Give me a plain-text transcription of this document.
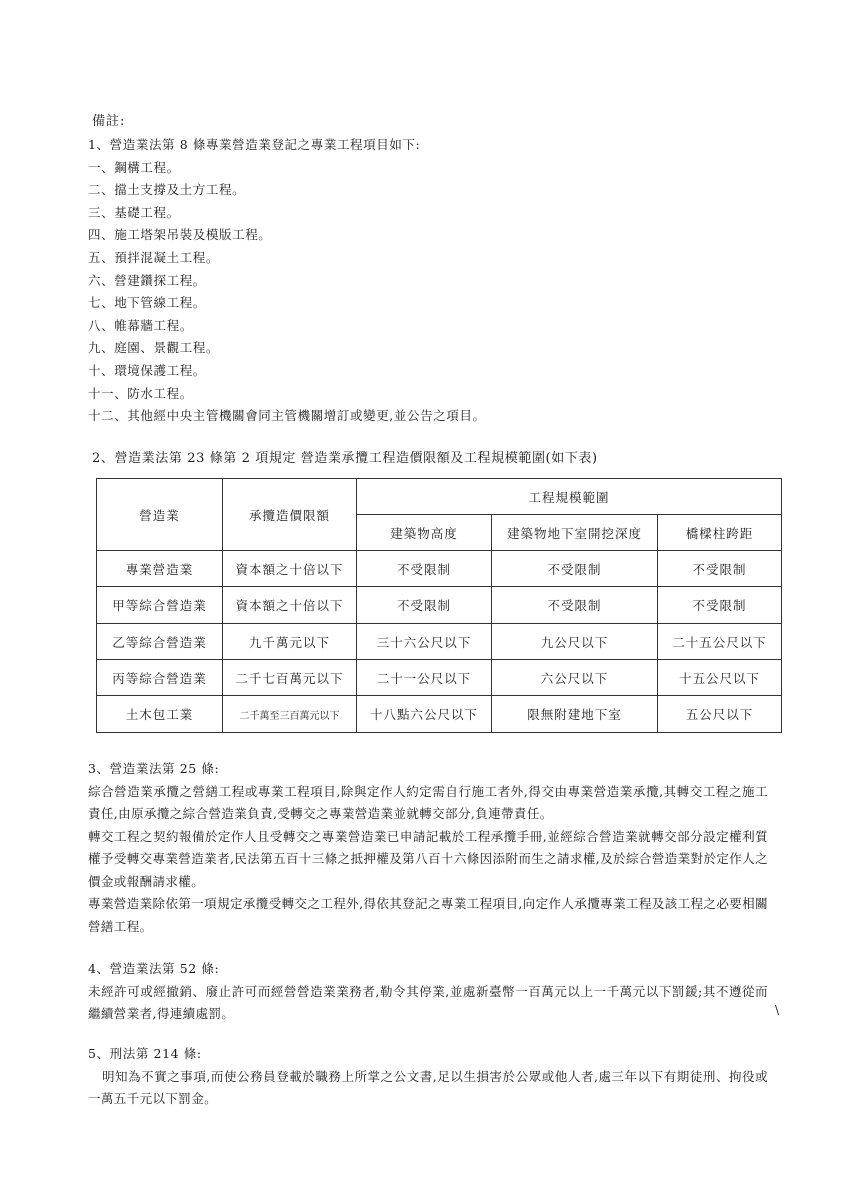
備註:
1、營造業法第 8 條專業營造業登記之專業工程項目如下:
一、鋼構工程。
二、擋土支撐及土方工程。
三、基礎工程。
四、施工塔架吊裝及模版工程。
五、預拌混凝土工程。
六、營建鑽探工程。
七、地下管線工程。
八、帷幕牆工程。
九、庭園、景觀工程。
十、環境保護工程。
十一、防水工程。
十二、其他經中央主管機關會同主管機關增訂或變更,並公告之項目。
2、營造業法第 23 條第 2 項規定 營造業承攬工程造價限額及工程規模範圍(如下表)
營造業	承攬造價限額	工程規模範圍		
		建築物高度	建築物地下室開挖深度	橋樑柱跨距
專業營造業	資本額之十倍以下	不受限制	不受限制	不受限制
甲等綜合營造業	資本額之十倍以下	不受限制	不受限制	不受限制
乙等綜合營造業	九千萬元以下	三十六公尺以下	九公尺以下	二十五公尺以下
丙等綜合營造業	二千七百萬元以下	二十一公尺以下	六公尺以下	十五公尺以下
土木包工業	二千萬至三百萬元以下	十八點六公尺以下	限無附建地下室	五公尺以下
3、營造業法第 25 條:

綜合營造業承攬之營繕工程或專業工程項目,除與定作人約定需自行施工者外,得交由專業營造業承攬,其轉交工程之施工責任,由原承攬之綜合營造業負責,受轉交之專業營造業並就轉交部分,負連帶責任。

轉交工程之契約報備於定作人且受轉交之專業營造業已申請記載於工程承攬手冊,並經綜合營造業就轉交部分設定權利質權予受轉交專業營造業者,民法第五百十三條之抵押權及第八百十六條因添附而生之請求權,及於綜合營造業對於定作人之價金或報酬請求權。

專業營造業除依第一項規定承攬受轉交之工程外,得依其登記之專業工程項目,向定作人承攬專業工程及該工程之必要相關營繕工程。

4、營造業法第 52 條:

未經許可或經撤銷、廢止許可而經營營造業業務者,勒令其停業,並處新臺幣一百萬元以上一千萬元以下罰鍰;其不遵從而繼續營業者,得連續處罰。

5、刑法第 214 條:

明知為不實之事項,而使公務員登載於職務上所掌之公文書,足以生損害於公眾或他人者,處三年以下有期徒刑、拘役或一萬五千元以下罰金。

\
